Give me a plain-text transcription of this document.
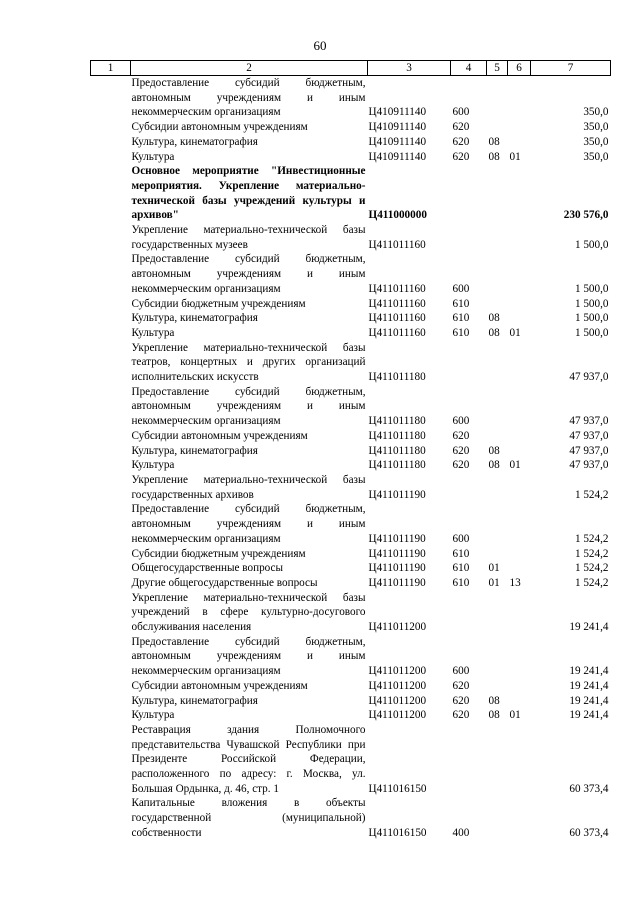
60
1	2	3	4	5	6	7
	Предоставление субсидий бюджетным, автономным учреждениям и иным некоммерческим организациям	Ц410911140	600			350,0
	Субсидии автономным учреждениям	Ц410911140	620			350,0
	Культура, кинематография	Ц410911140	620	08		350,0
	Культура	Ц410911140	620	08	01	350,0
	Основное мероприятие "Инвестиционные мероприятия. Укрепление материально-технической базы учреждений культуры и архивов"	Ц411000000				230 576,0
	Укрепление материально-технической базы государственных музеев	Ц411011160				1 500,0
	Предоставление субсидий бюджетным, автономным учреждениям и иным некоммерческим организациям	Ц411011160	600			1 500,0
	Субсидии бюджетным учреждениям	Ц411011160	610			1 500,0
	Культура, кинематография	Ц411011160	610	08		1 500,0
	Культура	Ц411011160	610	08	01	1 500,0
	Укрепление материально-технической базы театров, концертных и других организаций исполнительских искусств	Ц411011180				47 937,0
	Предоставление субсидий бюджетным, автономным учреждениям и иным некоммерческим организациям	Ц411011180	600			47 937,0
	Субсидии автономным учреждениям	Ц411011180	620			47 937,0
	Культура, кинематография	Ц411011180	620	08		47 937,0
	Культура	Ц411011180	620	08	01	47 937,0
	Укрепление материально-технической базы государственных архивов	Ц411011190				1 524,2
	Предоставление субсидий бюджетным, автономным учреждениям и иным некоммерческим организациям	Ц411011190	600			1 524,2
	Субсидии бюджетным учреждениям	Ц411011190	610			1 524,2
	Общегосударственные вопросы	Ц411011190	610	01		1 524,2
	Другие общегосударственные вопросы	Ц411011190	610	01	13	1 524,2
	Укрепление материально-технической базы учреждений в сфере культурно-досугового обслуживания населения	Ц411011200				19 241,4
	Предоставление субсидий бюджетным, автономным учреждениям и иным некоммерческим организациям	Ц411011200	600			19 241,4
	Субсидии автономным учреждениям	Ц411011200	620			19 241,4
	Культура, кинематография	Ц411011200	620	08		19 241,4
	Культура	Ц411011200	620	08	01	19 241,4
	Реставрация здания Полномочного представительства Чувашской Республики при Президенте Российской Федерации, расположенного по адресу: г. Москва, ул. Большая Ордынка, д. 46, стр. 1	Ц411016150				60 373,4
	Капитальные вложения в объекты государственной (муниципальной) собственности	Ц411016150	400			60 373,4
